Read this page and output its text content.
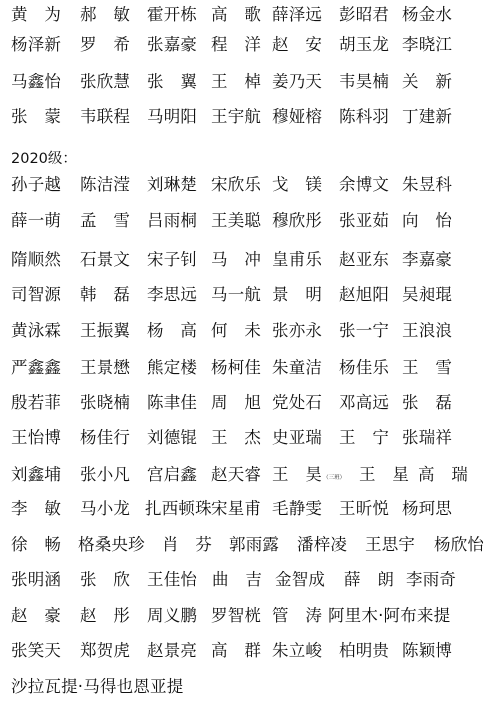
黄　为 郝　敏 霍开栋 高　歌 薛泽远 彭昭君 杨金水
杨泽新 罗　希 张嘉豪 程　洋 赵　安 胡玉龙 李晓江
马鑫怡 张欣慧 张　翼 王　棹 姜乃天 韦昊楠 关　新
张　蒙 韦联程 马明阳 王宇航 穆娅榕 陈科羽 丁建新
2020级：
孙子越 陈洁滢 刘琳楚 宋欣乐 戈　镁 余博文 朱昱科
薛一萌 孟　雪 吕雨桐 王美聪 穆欣彤 张亚茹 向　怡
隋顺然 石景文 宋子钊 马　冲 皇甫乐 赵亚东 李嘉豪
司智源 韩　磊 李思远 马一航 景　明 赵旭阳 吴昶琨
黄泳霖 王振翼 杨　高 何　未 张亦永 张一宁 王浪浪
严鑫鑫 王景懋 熊定楼 杨柯佳 朱童洁 杨佳乐 王　雪
殷若菲 张晓楠 陈聿佳 周　旭 党处石 邓高远 张　磊
王怡博 杨佳行 刘德锟 王　杰 史亚瑞 王　宁 张瑞祥
刘鑫埔 张小凡 宫启鑫 赵天睿 王　昊（三班） 王　星 高　瑞
李　敏 马小龙 扎西顿珠 宋星甫 毛静雯 王昕悦 杨珂思
徐　畅 格桑央珍 肖　芬 郭雨露 潘梓凌 王思宇 杨欣怡
张明涵 张　欣 王佳怡 曲　吉 金智成 薛　朗 李雨奇
赵　豪 赵　彤 周义鹏 罗智桄 管　涛 阿里木·阿布来提
张笑天 郑贺虎 赵景亮 高　群 朱立峻 柏明贵 陈颖博
沙拉瓦提·马得也恩亚提
